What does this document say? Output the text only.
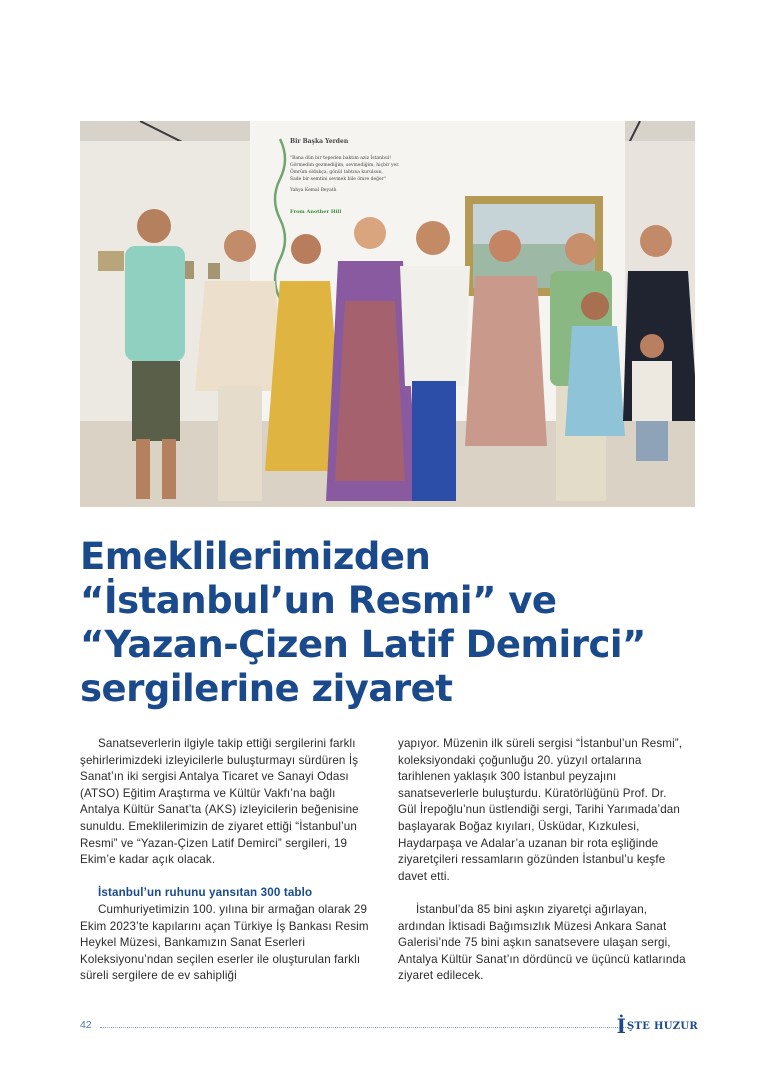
Bir Başka Yerden
"Bana dün bir tepeden baktım aziz İstanbul!
Görmedim gezmediğim, sevmediğim, hiçbir yer.
Ömrüm oldukça, gönül tahtına kurulsun,
Sade bir semtini sevmek bile ömre değer"
Yahya Kemal Beyatlı
From Another Hill
Emeklilerimizden
“İstanbul’un Resmi” ve
“Yazan-Çizen Latif Demirci”
sergilerine ziyaret

Sanatseverlerin ilgiyle takip ettiği sergilerini farklı şehirlerimizdeki izleyicilerle buluşturmayı sürdüren İş Sanat’ın iki sergisi Antalya Ticaret ve Sanayi Odası (ATSO) Eğitim Araştırma ve Kültür Vakfı’na bağlı Antalya Kültür Sanat’ta (AKS) izleyicilerin beğenisine sunuldu. Emeklilerimizin de ziyaret ettiği “İstanbul’un Resmi” ve “Yazan-Çizen Latif Demirci” sergileri, 19 Ekim’e kadar açık olacak.

İstanbul’un ruhunu yansıtan 300 tablo

Cumhuriyetimizin 100. yılına bir armağan olarak 29 Ekim 2023’te kapılarını açan Türkiye İş Bankası Resim Heykel Müzesi, Bankamızın Sanat Eserleri Koleksiyonu’ndan seçilen eserler ile oluşturulan farklı süreli sergilere de ev sahipliği

yapıyor. Müzenin ilk süreli sergisi “İstanbul’un Resmi”, koleksiyondaki çoğunluğu 20. yüzyıl ortalarına tarihlenen yaklaşık 300 İstanbul peyzajını sanatseverlerle buluşturdu. Küratörlüğünü Prof. Dr. Gül İrepoğlu’nun üstlendiği sergi, Tarihi Yarımada’dan başlayarak Boğaz kıyıları, Üsküdar, Kızkulesi, Haydarpaşa ve Adalar’a uzanan bir rota eşliğinde ziyaretçileri ressamların gözünden İstanbul’u keşfe davet etti.

İstanbul’da 85 bini aşkın ziyaretçi ağırlayan, ardından İktisadi Bağımsızlık Müzesi Ankara Sanat Galerisi’nde 75 bini aşkın sanatsevere ulaşan sergi, Antalya Kültür Sanat’ın dördüncü ve üçüncü katlarında ziyaret edilecek.

42	İ ŞTE HUZUR
